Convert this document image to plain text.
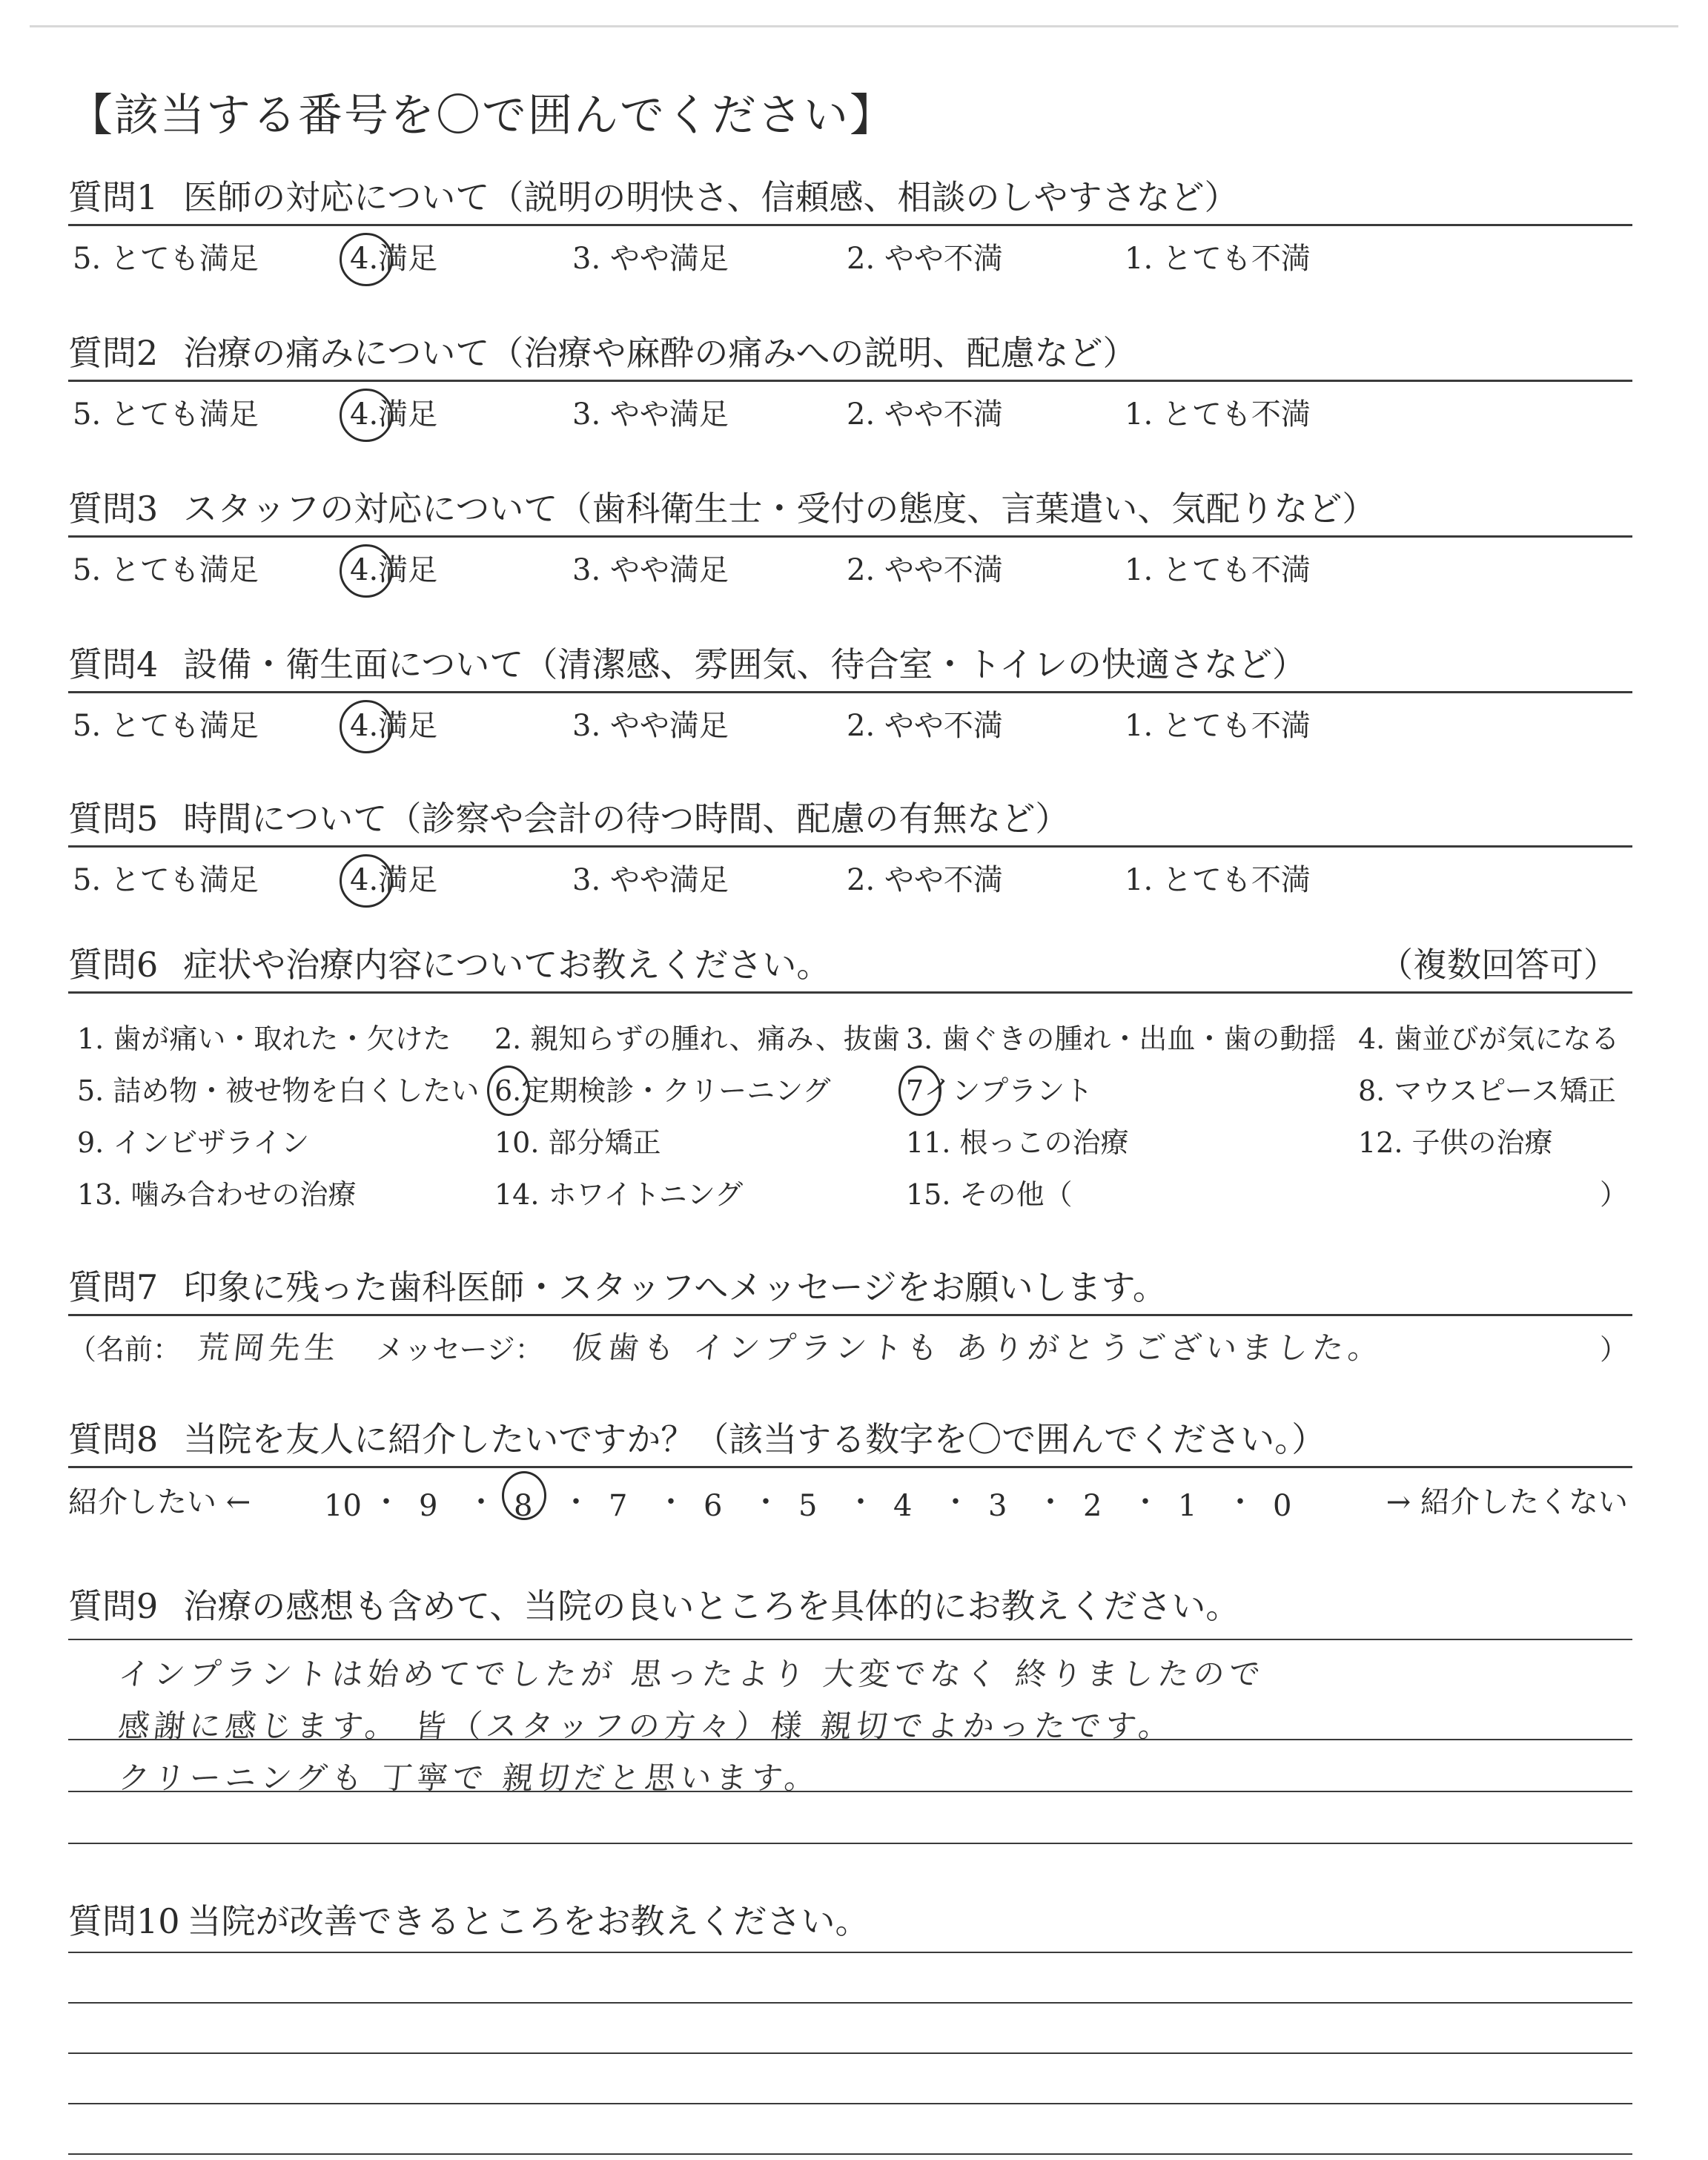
【該当する番号を〇で囲んでください】
質問1 医師の対応について（説明の明快さ、信頼感、相談のしやすさなど）
5. とても満足	4.満足	3. やや満足	2. やや不満	1. とても不満
質問2 治療の痛みについて（治療や麻酔の痛みへの説明、配慮など）
5. とても満足	4.満足	3. やや満足	2. やや不満	1. とても不満
質問3 スタッフの対応について（歯科衛生士・受付の態度、言葉遣い、気配りなど）
5. とても満足	4.満足	3. やや満足	2. やや不満	1. とても不満
質問4 設備・衛生面について（清潔感、雰囲気、待合室・トイレの快適さなど）
5. とても満足	4.満足	3. やや満足	2. やや不満	1. とても不満
質問5 時間について（診察や会計の待つ時間、配慮の有無など）
5. とても満足	4.満足	3. やや満足	2. やや不満	1. とても不満
質問6 症状や治療内容についてお教えください。	（複数回答可）
1. 歯が痛い・取れた・欠けた 2. 親知らずの腫れ、痛み、抜歯 3. 歯ぐきの腫れ・出血・歯の動揺 4. 歯並びが気になる
5. 詰め物・被せ物を白くしたい 6.定期検診・クリーニング	7インプラント	8. マウスピース矯正
9. インビザライン	10. 部分矯正	11. 根っこの治療	12. 子供の治療
13. 噛み合わせの治療	14. ホワイトニング	15. その他（	）
質問7 印象に残った歯科医師・スタッフへメッセージをお願いします。
（名前： 荒岡先生 メッセージ： 仮歯も インプラントも ありがとうございました。	）
質問8 当院を友人に紹介したいですか？（該当する数字を〇で囲んでください。）
紹介したい ←	→ 紹介したくない
10 ・ 9 ・ 8 ・ 7 ・ 6 ・ 5 ・ 4 ・ 3 ・ 2 ・ 1 ・ 0
質問9 治療の感想も含めて、当院の良いところを具体的にお教えください。
インプラントは始めてでしたが 思ったより 大変でなく 終りましたので
感謝に感じます。 皆（スタッフの方々）様 親切でよかったです。
クリーニングも 丁寧で 親切だと思います。
質問10 当院が改善できるところをお教えください。
